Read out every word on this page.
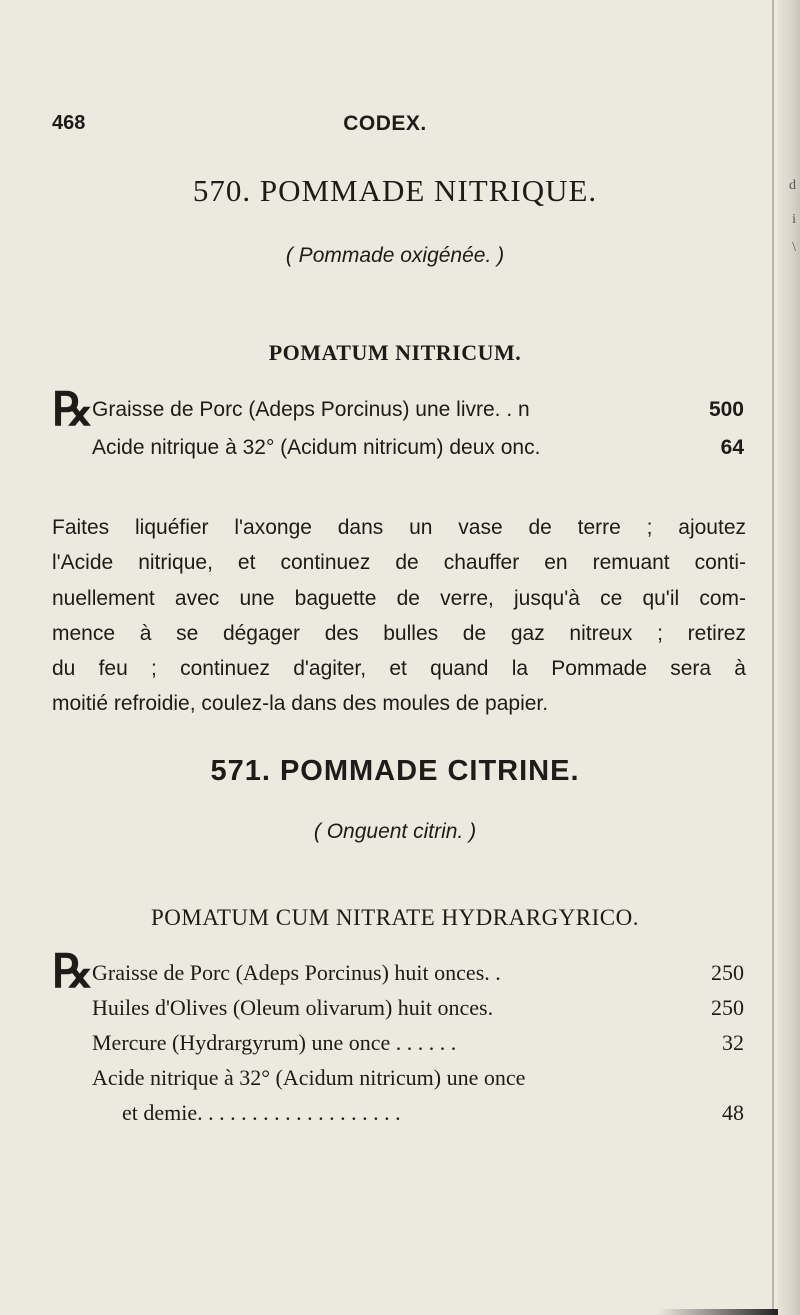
d
i
\
468	CODEX.
570. POMMADE NITRIQUE.
( Pommade oxigénée. )
POMATUM NITRICUM.
℞
Graisse de Porc (Adeps Porcinus) une livre. . n	500
Acide nitrique à 32° (Acidum nitricum) deux onc.	64
Faites liquéfier l'axonge dans un vase de terre ; ajoutez
l'Acide nitrique, et continuez de chauffer en remuant conti-
nuellement avec une baguette de verre, jusqu'à ce qu'il com-
mence à se dégager des bulles de gaz nitreux ; retirez
du feu ; continuez d'agiter, et quand la Pommade sera à
moitié refroidie, coulez-la dans des moules de papier.
571. POMMADE CITRINE.
( Onguent citrin. )
POMATUM CUM NITRATE HYDRARGYRICO.
℞
Graisse de Porc (Adeps Porcinus) huit onces. .	250
Huiles d'Olives (Oleum olivarum) huit onces.	250
Mercure (Hydrargyrum) une once . . . . . .	32
Acide nitrique à 32° (Acidum nitricum) une once
et demie. . . . . . . . . . . . . . . . . . .	48
